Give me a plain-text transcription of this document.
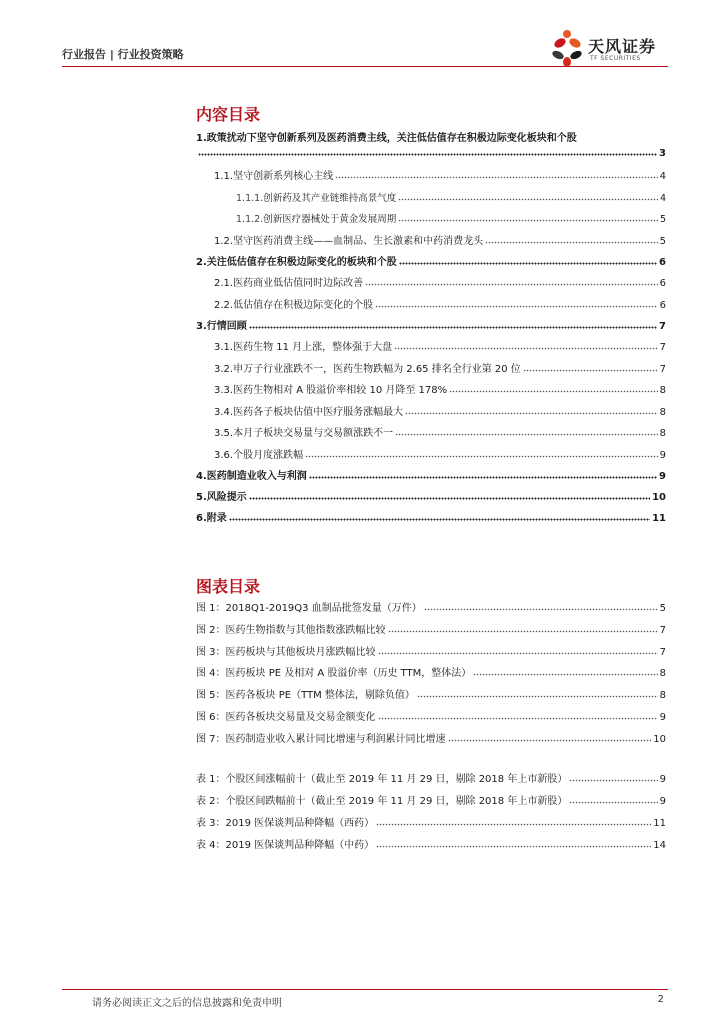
行业报告 | 行业投资策略	天风证券
TF SECURITIES
内容目录
1. 政策扰动下坚守创新系列及医药消费主线，关注低估值存在积极边际变化板块和个股
3
1.1. 坚守创新系列核心主线	4
1.1.1. 创新药及其产业链维持高景气度	4
1.1.2. 创新医疗器械处于黄金发展周期	5
1.2. 坚守医药消费主线——血制品、生长激素和中药消费龙头	5
2. 关注低估值存在积极边际变化的板块和个股	6
2.1. 医药商业低估值同时边际改善	6
2.2. 低估值存在积极边际变化的个股	6
3. 行情回顾	7
3.1. 医药生物 11 月上涨，整体强于大盘	7
3.2. 申万子行业涨跌不一，医药生物跌幅为 2.65 排名全行业第 20 位	7
3.3. 医药生物相对 A 股溢价率相较 10 月降至 178%	8
3.4. 医药各子板块估值中医疗服务涨幅最大	8
3.5. 本月子板块交易量与交易额涨跌不一	8
3.6. 个股月度涨跌幅	9
4. 医药制造业收入与利润	9
5. 风险提示	10
6. 附录	11
图表目录
图 1： 2018Q1-2019Q3 血制品批签发量（万件）	5
图 2： 医药生物指数与其他指数涨跌幅比较	7
图 3： 医药板块与其他板块月涨跌幅比较	7
图 4： 医药板块 PE 及相对 A 股溢价率（历史 TTM，整体法）	8
图 5： 医药各板块 PE（TTM 整体法，剔除负值）	8
图 6： 医药各板块交易量及交易金额变化	9
图 7： 医药制造业收入累计同比增速与利润累计同比增速	10
表 1： 个股区间涨幅前十（截止至 2019 年 11 月 29 日，剔除 2018 年上市新股）	9
表 2： 个股区间跌幅前十（截止至 2019 年 11 月 29 日，剔除 2018 年上市新股）	9
表 3： 2019 医保谈判品种降幅（西药）	11
表 4： 2019 医保谈判品种降幅（中药）	14
请务必阅读正文之后的信息披露和免责申明	2
